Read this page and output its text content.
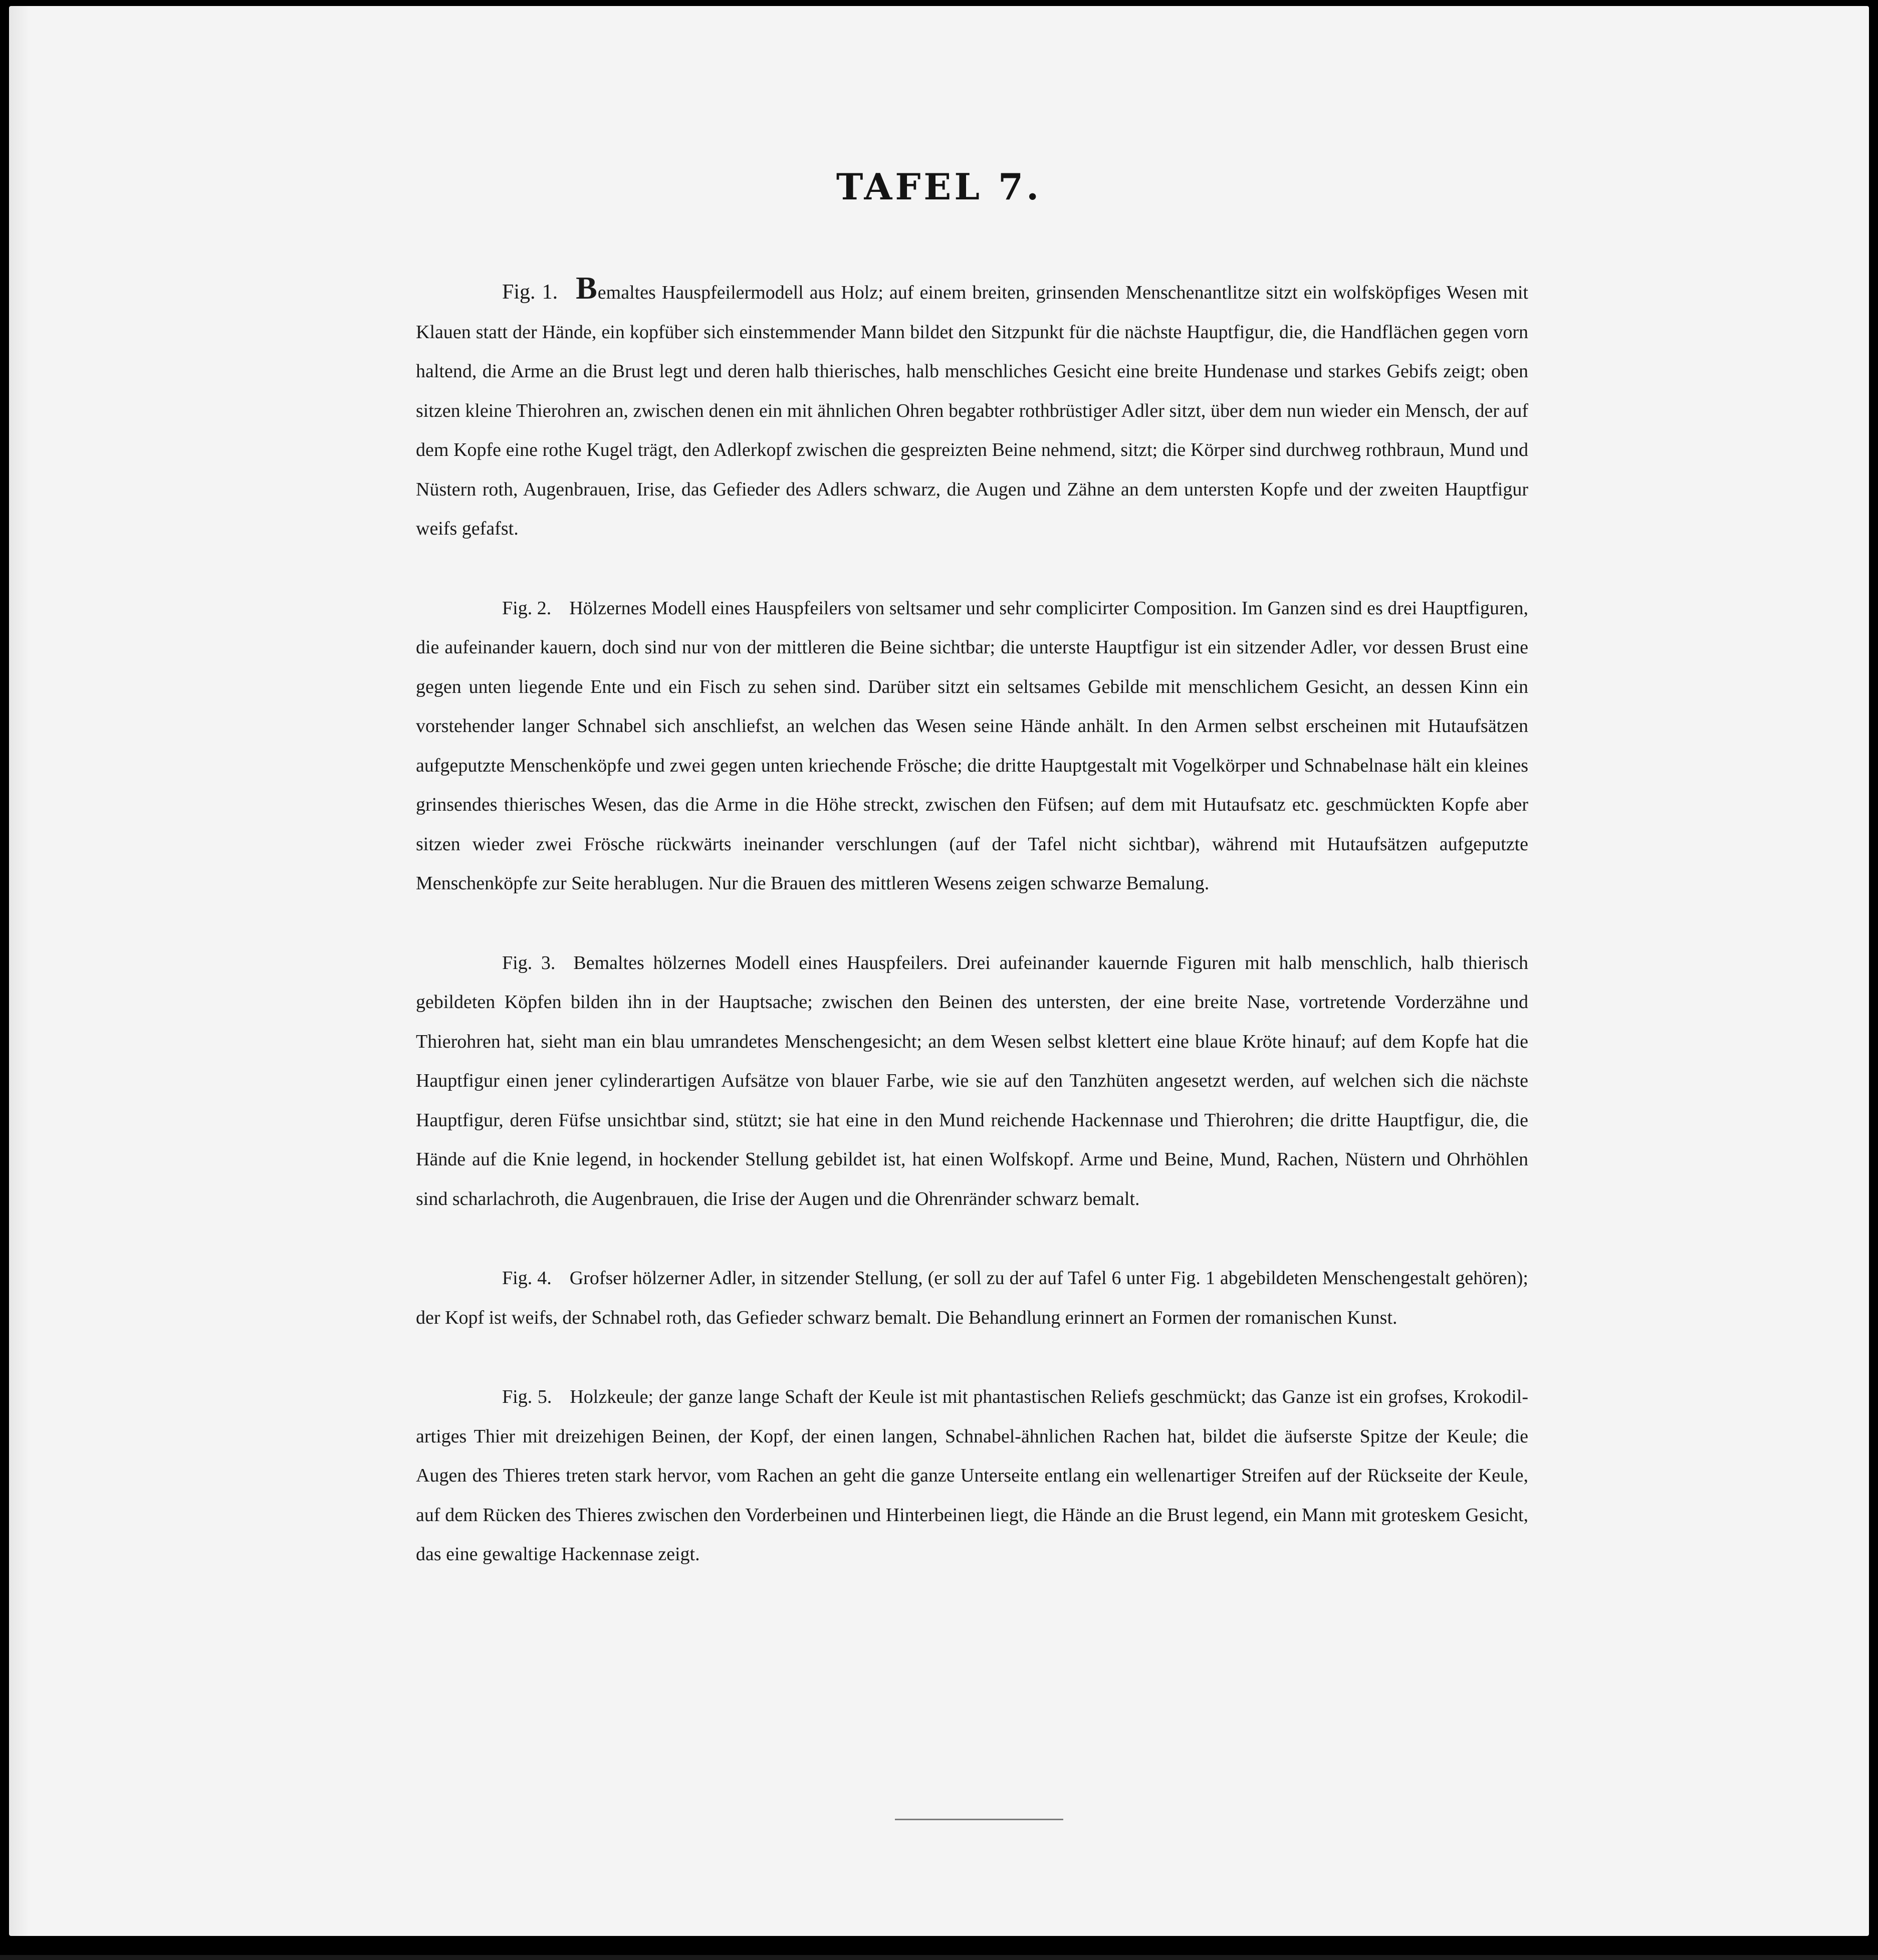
TAFEL 7.

Fig. 1. Bemaltes Hauspfeilermodell aus Holz; auf einem breiten, grinsenden Menschenantlitze sitzt ein wolfsköpfiges Wesen mit Klauen statt der Hände, ein kopfüber sich einstemmender Mann bildet den Sitzpunkt für die nächste Hauptfigur, die, die Handflächen gegen vorn haltend, die Arme an die Brust legt und deren halb thierisches, halb menschliches Gesicht eine breite Hundenase und starkes Gebifs zeigt; oben sitzen kleine Thierohren an, zwischen denen ein mit ähnlichen Ohren begabter rothbrüstiger Adler sitzt, über dem nun wieder ein Mensch, der auf dem Kopfe eine rothe Kugel trägt, den Adlerkopf zwischen die gespreizten Beine nehmend, sitzt; die Körper sind durchweg rothbraun, Mund und Nüstern roth, Augenbrauen, Irise, das Gefieder des Adlers schwarz, die Augen und Zähne an dem untersten Kopfe und der zweiten Hauptfigur weifs gefafst.

Fig. 2. Hölzernes Modell eines Hauspfeilers von seltsamer und sehr complicirter Composition. Im Ganzen sind es drei Hauptfiguren, die aufeinander kauern, doch sind nur von der mittleren die Beine sichtbar; die unterste Hauptfigur ist ein sitzender Adler, vor dessen Brust eine gegen unten liegende Ente und ein Fisch zu sehen sind. Darüber sitzt ein seltsames Gebilde mit menschlichem Gesicht, an dessen Kinn ein vorstehender langer Schnabel sich anschliefst, an welchen das Wesen seine Hände anhält. In den Armen selbst erscheinen mit Hutaufsätzen aufgeputzte Menschenköpfe und zwei gegen unten kriechende Frösche; die dritte Hauptgestalt mit Vogelkörper und Schnabelnase hält ein kleines grinsendes thierisches Wesen, das die Arme in die Höhe streckt, zwischen den Füfsen; auf dem mit Hutaufsatz etc. geschmückten Kopfe aber sitzen wieder zwei Frösche rückwärts ineinander verschlungen (auf der Tafel nicht sichtbar), während mit Hutaufsätzen aufgeputzte Menschenköpfe zur Seite herablugen. Nur die Brauen des mittleren Wesens zeigen schwarze Bemalung.

Fig. 3. Bemaltes hölzernes Modell eines Hauspfeilers. Drei aufeinander kauernde Figuren mit halb menschlich, halb thierisch gebildeten Köpfen bilden ihn in der Hauptsache; zwischen den Beinen des untersten, der eine breite Nase, vortretende Vorderzähne und Thierohren hat, sieht man ein blau umrandetes Menschengesicht; an dem Wesen selbst klettert eine blaue Kröte hinauf; auf dem Kopfe hat die Hauptfigur einen jener cylinderartigen Aufsätze von blauer Farbe, wie sie auf den Tanzhüten angesetzt werden, auf welchen sich die nächste Hauptfigur, deren Füfse unsichtbar sind, stützt; sie hat eine in den Mund reichende Hackennase und Thierohren; die dritte Hauptfigur, die, die Hände auf die Knie legend, in hockender Stellung gebildet ist, hat einen Wolfskopf. Arme und Beine, Mund, Rachen, Nüstern und Ohrhöhlen sind scharlachroth, die Augenbrauen, die Irise der Augen und die Ohrenränder schwarz bemalt.

Fig. 4. Grofser hölzerner Adler, in sitzender Stellung, (er soll zu der auf Tafel 6 unter Fig. 1 abgebildeten Menschengestalt gehören); der Kopf ist weifs, der Schnabel roth, das Gefieder schwarz bemalt. Die Behandlung erinnert an Formen der romanischen Kunst.

Fig. 5. Holzkeule; der ganze lange Schaft der Keule ist mit phantastischen Reliefs geschmückt; das Ganze ist ein grofses, Krokodil-artiges Thier mit dreizehigen Beinen, der Kopf, der einen langen, Schnabel-ähnlichen Rachen hat, bildet die äufserste Spitze der Keule; die Augen des Thieres treten stark hervor, vom Rachen an geht die ganze Unterseite entlang ein wellenartiger Streifen auf der Rückseite der Keule, auf dem Rücken des Thieres zwischen den Vorderbeinen und Hinterbeinen liegt, die Hände an die Brust legend, ein Mann mit groteskem Gesicht, das eine gewaltige Hackennase zeigt.
